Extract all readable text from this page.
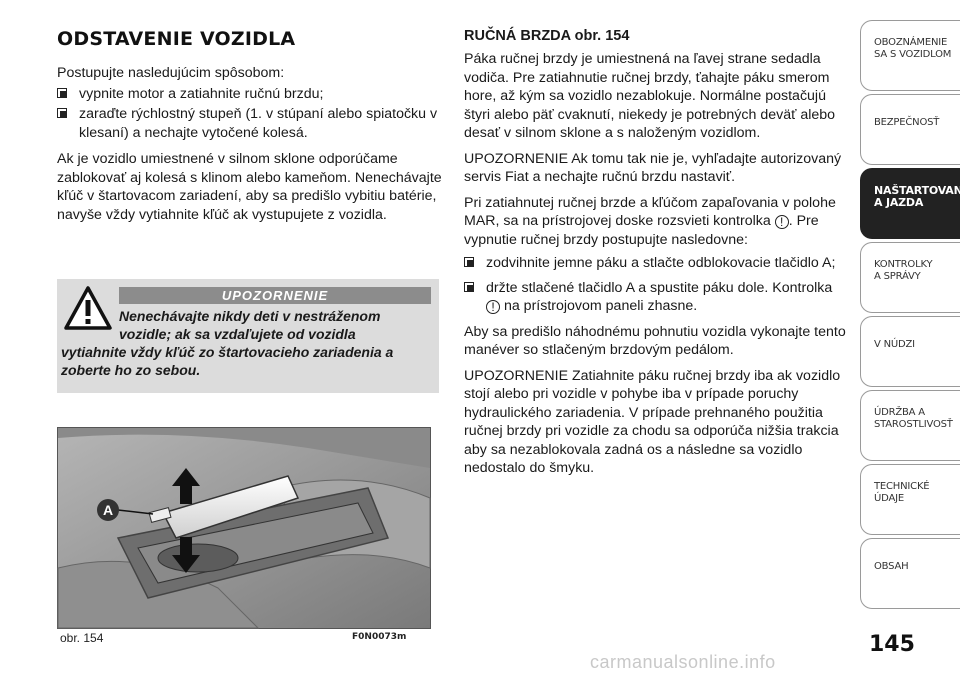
ODSTAVENIE VOZIDLA

Postupujte nasledujúcim spôsobom:

vypnite motor a zatiahnite ručnú brzdu;
zaraďte rýchlostný stupeň (1. v stúpaní alebo spiatočku v klesaní) a nechajte vytočené kolesá.

Ak je vozidlo umiestnené v silnom sklone odporúčame zablokovať aj kolesá s klinom alebo kameňom. Nenechávajte kľúč v štartovacom zariadení, aby sa predišlo vybitiu batérie, navyše vždy vytiahnite kľúč ak vystupujete z vozidla.

UPOZORNENIE
Nenechávajte nikdy deti v nestráženom
vozidle; ak sa vzdaľujete od vozidla
vytiahnite vždy kľúč zo štartovacieho zariadenia a zoberte ho zo sebou.
A
obr. 154	F0N0073m
RUČNÁ BRZDA obr. 154

Páka ručnej brzdy je umiestnená na ľavej strane sedadla vodiča. Pre zatiahnutie ručnej brzdy, ťahajte páku smerom hore, až kým sa vozidlo nezablokuje. Normálne postačujú štyri alebo päť cvaknutí, niekedy je potrebných deväť alebo desať v silnom sklone a s naloženým vozidlom.

UPOZORNENIE Ak tomu tak nie je, vyhľadajte autorizovaný servis Fiat a nechajte ručnú brzdu nastaviť.

Pri zatiahnutej ručnej brzde a kľúčom zapaľovania v polohe MAR, sa na prístrojovej doske rozsvieti kontrolka ! . Pre vypnutie ručnej brzdy postupujte nasledovne:

zodvihnite jemne páku a stlačte odblokovacie tlačidlo A;
držte stlačené tlačidlo A a spustite páku dole. Kontrolka ! na prístrojovom paneli zhasne.

Aby sa predišlo náhodnému pohnutiu vozidla vykonajte tento manéver so stlačeným brzdovým pedálom.

UPOZORNENIE Zatiahnite páku ručnej brzdy iba ak vozidlo stojí alebo pri vozidle v pohybe iba v prípade poruchy hydraulického zariadenia. V prípade prehnaného použitia ručnej brzdy pri vozidle za chodu sa odporúča nižšia trakcia aby sa nezablokovala zadná os a následne sa vozidlo nedostalo do šmyku.

OBOZNÁMENIE
SA S VOZIDLOM
BEZPEČNOSŤ
NAŠTARTOVANIE
A JAZDA
KONTROLKY
A SPRÁVY
V NÚDZI
ÚDRŽBA A
STAROSTLIVOSŤ
TECHNICKÉ
ÚDAJE
OBSAH
145
carmanualsonline.info
